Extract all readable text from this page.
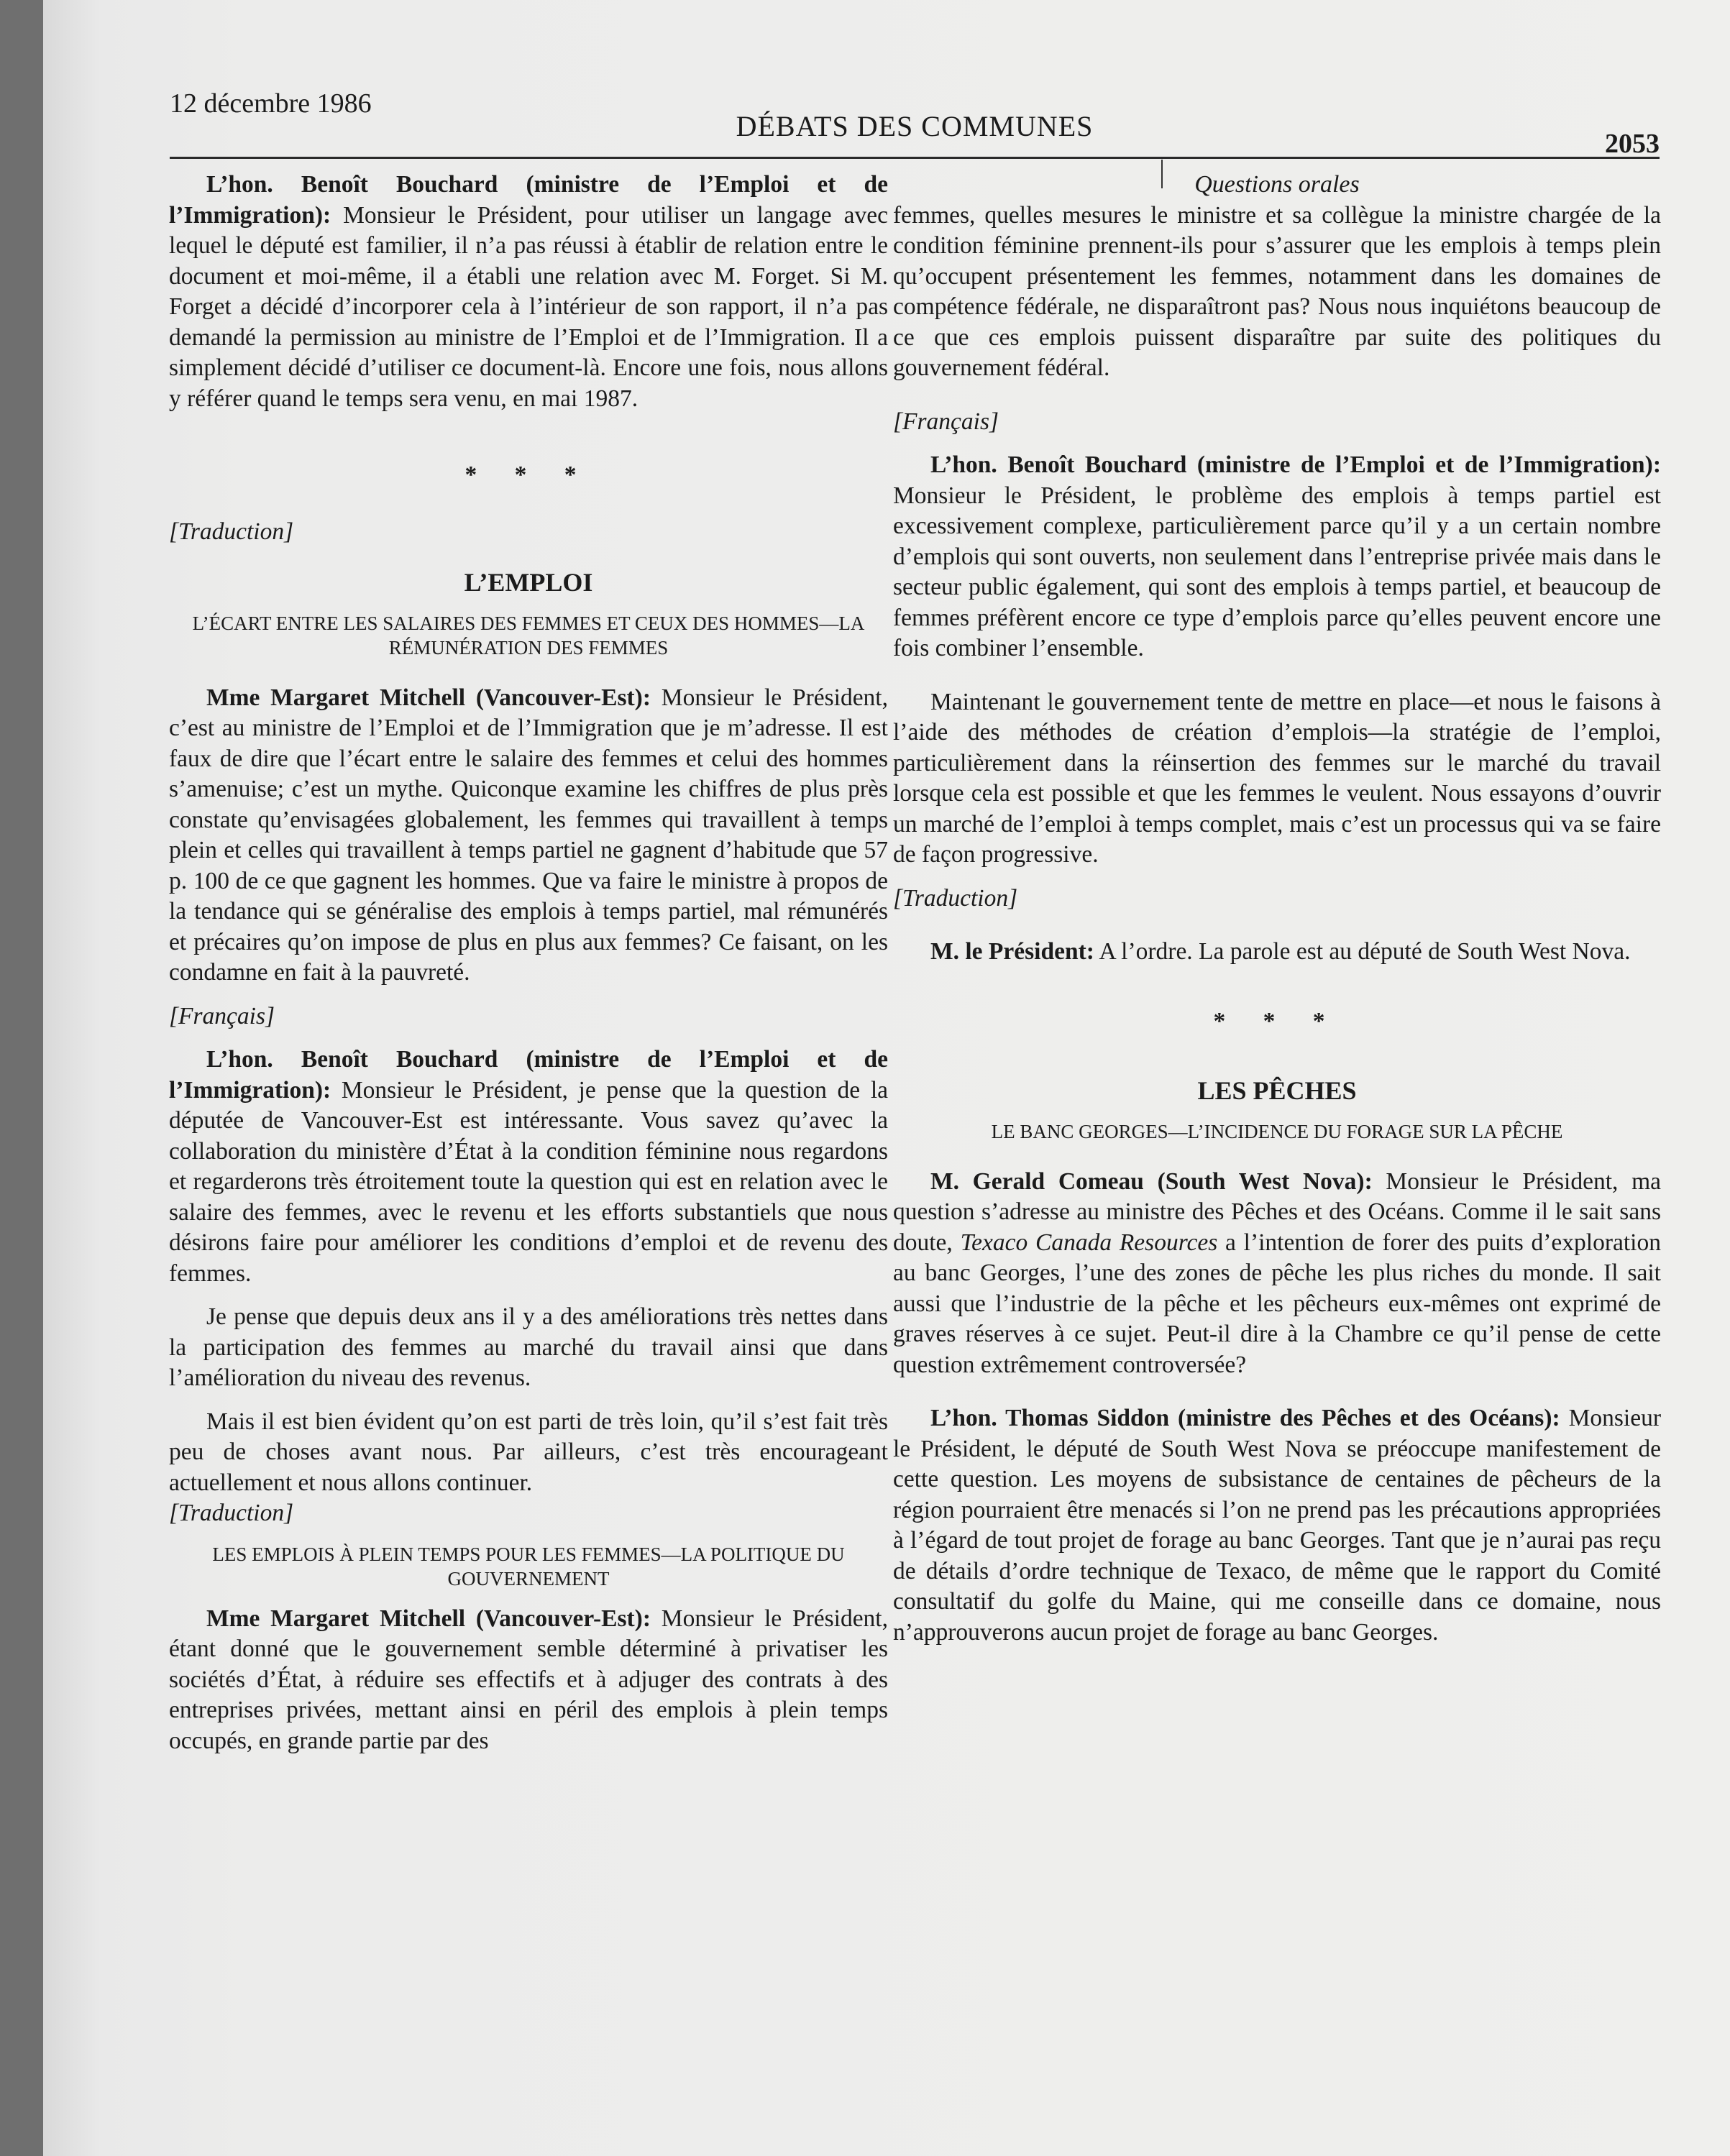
12 décembre 1986
DÉBATS DES COMMUNES
2053

L’hon. Benoît Bouchard (ministre de l’Emploi et de l’Immigration): Monsieur le Président, pour utiliser un langage avec lequel le député est familier, il n’a pas réussi à établir de relation entre le document et moi-même, il a établi une relation avec M. Forget. Si M. Forget a décidé d’incorporer cela à l’intérieur de son rapport, il n’a pas demandé la permission au ministre de l’Emploi et de l’Immigration. Il a simplement décidé d’utiliser ce document-là. Encore une fois, nous allons y référer quand le temps sera venu, en mai 1987.

* * *

[Traduction]

L’EMPLOI

L’ÉCART ENTRE LES SALAIRES DES FEMMES ET CEUX DES HOMMES—LA RÉMUNÉRATION DES FEMMES

Mme Margaret Mitchell (Vancouver-Est): Monsieur le Président, c’est au ministre de l’Emploi et de l’Immigration que je m’adresse. Il est faux de dire que l’écart entre le salaire des femmes et celui des hommes s’amenuise; c’est un mythe. Quiconque examine les chiffres de plus près constate qu’envisagées globalement, les femmes qui travaillent à temps plein et celles qui travaillent à temps partiel ne gagnent d’habitude que 57 p. 100 de ce que gagnent les hommes. Que va faire le ministre à propos de la tendance qui se généralise des emplois à temps partiel, mal rémunérés et précaires qu’on impose de plus en plus aux femmes? Ce faisant, on les condamne en fait à la pauvreté.

[Français]

L’hon. Benoît Bouchard (ministre de l’Emploi et de l’Immigration): Monsieur le Président, je pense que la question de la députée de Vancouver-Est est intéressante. Vous savez qu’avec la collaboration du ministère d’État à la condition féminine nous regardons et regarderons très étroitement toute la question qui est en relation avec le salaire des femmes, avec le revenu et les efforts substantiels que nous désirons faire pour améliorer les conditions d’emploi et de revenu des femmes.

Je pense que depuis deux ans il y a des améliorations très nettes dans la participation des femmes au marché du travail ainsi que dans l’amélioration du niveau des revenus.

Mais il est bien évident qu’on est parti de très loin, qu’il s’est fait très peu de choses avant nous. Par ailleurs, c’est très encourageant actuellement et nous allons continuer.

[Traduction]

LES EMPLOIS À PLEIN TEMPS POUR LES FEMMES—LA POLITIQUE DU GOUVERNEMENT

Mme Margaret Mitchell (Vancouver-Est): Monsieur le Président, étant donné que le gouvernement semble déterminé à privatiser les sociétés d’État, à réduire ses effectifs et à adjuger des contrats à des entreprises privées, mettant ainsi en péril des emplois à plein temps occupés, en grande partie par des

Questions orales

femmes, quelles mesures le ministre et sa collègue la ministre chargée de la condition féminine prennent-ils pour s’assurer que les emplois à temps plein qu’occupent présentement les femmes, notamment dans les domaines de compétence fédérale, ne disparaîtront pas? Nous nous inquiétons beaucoup de ce que ces emplois puissent disparaître par suite des politiques du gouvernement fédéral.

[Français]

L’hon. Benoît Bouchard (ministre de l’Emploi et de l’Immigration): Monsieur le Président, le problème des emplois à temps partiel est excessivement complexe, particulièrement parce qu’il y a un certain nombre d’emplois qui sont ouverts, non seulement dans l’entreprise privée mais dans le secteur public également, qui sont des emplois à temps partiel, et beaucoup de femmes préfèrent encore ce type d’emplois parce qu’elles peuvent encore une fois combiner l’ensemble.

Maintenant le gouvernement tente de mettre en place—et nous le faisons à l’aide des méthodes de création d’emplois—la stratégie de l’emploi, particulièrement dans la réinsertion des femmes sur le marché du travail lorsque cela est possible et que les femmes le veulent. Nous essayons d’ouvrir un marché de l’emploi à temps complet, mais c’est un processus qui va se faire de façon progressive.

[Traduction]

M. le Président: A l’ordre. La parole est au député de South West Nova.

* * *

LES PÊCHES

LE BANC GEORGES—L’INCIDENCE DU FORAGE SUR LA PÊCHE

M. Gerald Comeau (South West Nova): Monsieur le Président, ma question s’adresse au ministre des Pêches et des Océans. Comme il le sait sans doute, Texaco Canada Resources a l’intention de forer des puits d’exploration au banc Georges, l’une des zones de pêche les plus riches du monde. Il sait aussi que l’industrie de la pêche et les pêcheurs eux-mêmes ont exprimé de graves réserves à ce sujet. Peut-il dire à la Chambre ce qu’il pense de cette question extrêmement controversée?

L’hon. Thomas Siddon (ministre des Pêches et des Océans): Monsieur le Président, le député de South West Nova se préoccupe manifestement de cette question. Les moyens de subsistance de centaines de pêcheurs de la région pourraient être menacés si l’on ne prend pas les précautions appropriées à l’égard de tout projet de forage au banc Georges. Tant que je n’aurai pas reçu de détails d’ordre technique de Texaco, de même que le rapport du Comité consultatif du golfe du Maine, qui me conseille dans ce domaine, nous n’approuverons aucun projet de forage au banc Georges.
